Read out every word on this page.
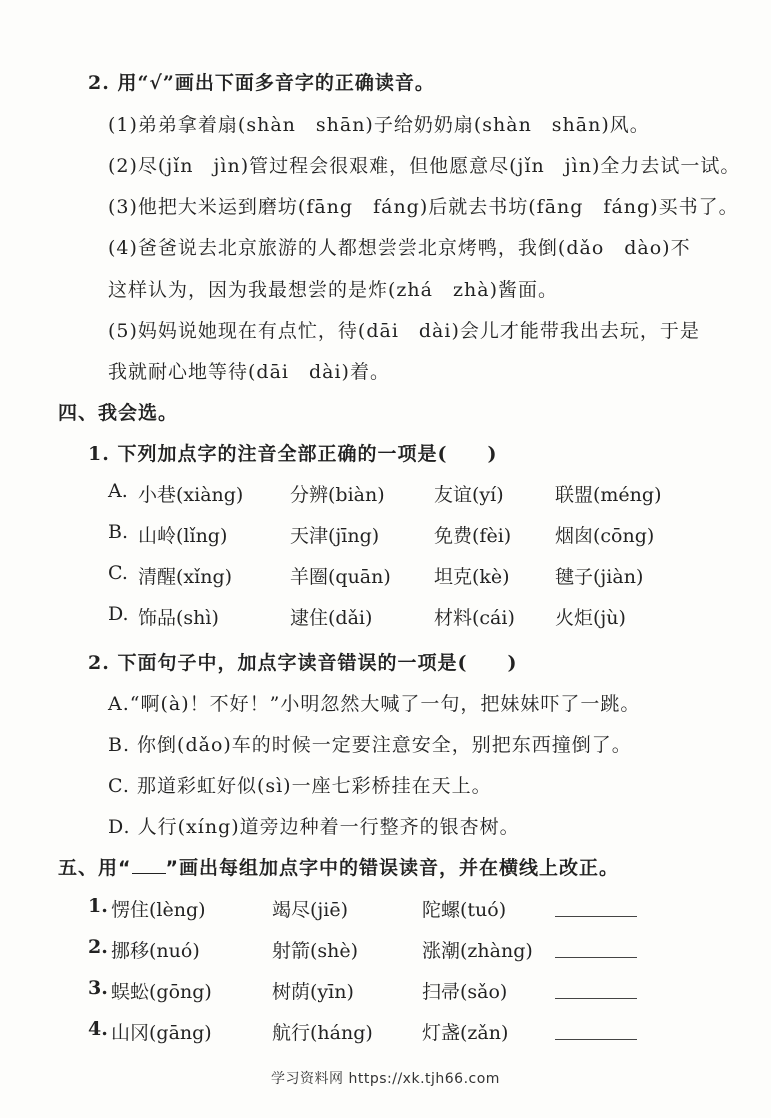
2. 用“√”画出下面多音字的正确读音。
(1)弟弟拿着扇(shàn　shān)子给奶奶扇(shàn　shān)风。
(2)尽(jǐn　jìn)管过程会很艰难，但他愿意尽(jǐn　jìn)全力去试一试。
(3)他把大米运到磨坊(fāng　fáng)后就去书坊(fāng　fáng)买书了。
(4)爸爸说去北京旅游的人都想尝尝北京烤鸭，我倒(dǎo　dào)不
这样认为，因为我最想尝的是炸(zhá　zhà)酱面。
(5)妈妈说她现在有点忙，待(dāi　dài)会儿才能带我出去玩，于是
我就耐心地等待(dāi　dài)着。
四、我会选。
1. 下列加点字的注音全部正确的一项是(　　)
A. 小巷(xiàng) 分辨(biàn)	友谊(yí)	联盟(méng)
B. 山岭(lǐng)	天津(jīng)	免费(fèi) 烟囱(cōng)
C. 清醒(xǐng)	羊圈(quān) 坦克(kè) 毽子(jiàn)
D. 饰品(shì)	逮住(dǎi)	材料(cái) 火炬(jù)
2. 下面句子中，加点字读音错误的一项是(　　)
A.“啊(à)！不好！”小明忽然大喊了一句，把妹妹吓了一跳。
B. 你倒(dǎo)车的时候一定要注意安全，别把东西撞倒了。
C. 那道彩虹好似(sì)一座七彩桥挂在天上。
D. 人行(xíng)道旁边种着一行整齐的银杏树。
五、用“ ”画出每组加点字中的错误读音，并在横线上改正。
1. 愣住(lèng)	竭尽(jiē)	陀螺(tuó)
2. 挪移(nuó)	射箭(shè)	涨潮(zhàng)
3. 蜈蚣(gōng)	树荫(yīn)	扫帚(sǎo)
4. 山冈(gāng)	航行(háng)	灯盏(zǎn)
学习资料网 https://xk.tjh66.com
